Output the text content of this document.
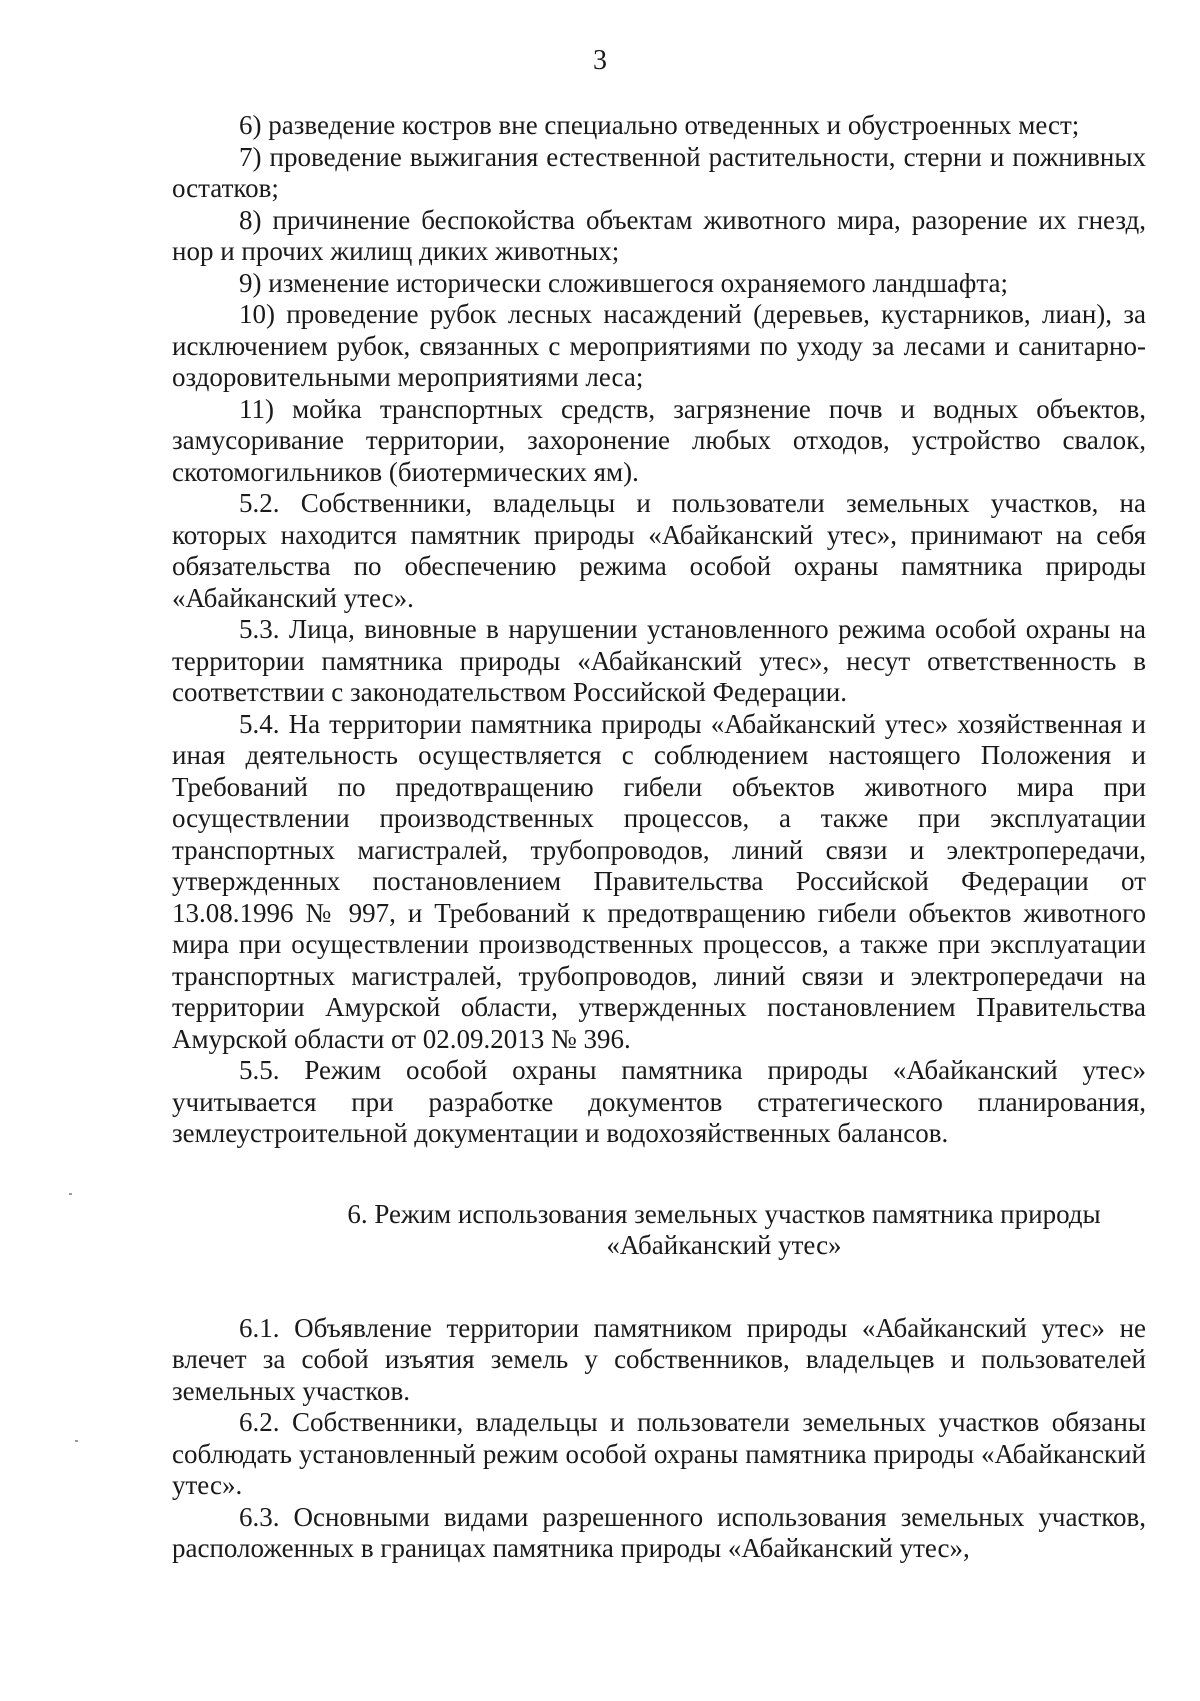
3

6) разведение костров вне специально отведенных и обустроенных мест;

7) проведение выжигания естественной растительности, стерни и пожнивных остатков;

8) причинение беспокойства объектам животного мира, разорение их гнезд, нор и прочих жилищ диких животных;

9) изменение исторически сложившегося охраняемого ландшафта;

10) проведение рубок лесных насаждений (деревьев, кустарников, лиан), за исключением рубок, связанных с мероприятиями по уходу за лесами и санитарно-оздоровительными мероприятиями леса;

11) мойка транспортных средств, загрязнение почв и водных объектов, замусоривание территории, захоронение любых отходов, устройство свалок, скотомогильников (биотермических ям).

5.2. Собственники, владельцы и пользователи земельных участков, на которых находится памятник природы «Абайканский утес», принимают на себя обязательства по обеспечению режима особой охраны памятника природы «Абайканский утес».

5.3. Лица, виновные в нарушении установленного режима особой охраны на территории памятника природы «Абайканский утес», несут ответственность в соответствии с законодательством Российской Федерации.

5.4. На территории памятника природы «Абайканский утес» хозяйственная и иная деятельность осуществляется с соблюдением настоящего Положения и Требований по предотвращению гибели объектов животного мира при осуществлении производственных процессов, а также при эксплуатации транспортных магистралей, трубопроводов, линий связи и электропередачи, утвержденных постановлением Правительства Российской Федерации от 13.08.1996 № 997, и Требований к предотвращению гибели объектов животного мира при осуществлении производственных процессов, а также при эксплуатации транспортных магистралей, трубопроводов, линий связи и электропередачи на территории Амурской области, утвержденных постановлением Правительства Амурской области от 02.09.2013 № 396.

5.5. Режим особой охраны памятника природы «Абайканский утес» учитывается при разработке документов стратегического планирования, землеустроительной документации и водохозяйственных балансов.

6. Режим использования земельных участков памятника природы
«Абайканский утес»

6.1. Объявление территории памятником природы «Абайканский утес» не влечет за собой изъятия земель у собственников, владельцев и пользователей земельных участков.

6.2. Собственники, владельцы и пользователи земельных участков обязаны соблюдать установленный режим особой охраны памятника природы «Абайканский утес».

6.3. Основными видами разрешенного использования земельных участков, расположенных в границах памятника природы «Абайканский утес»,
